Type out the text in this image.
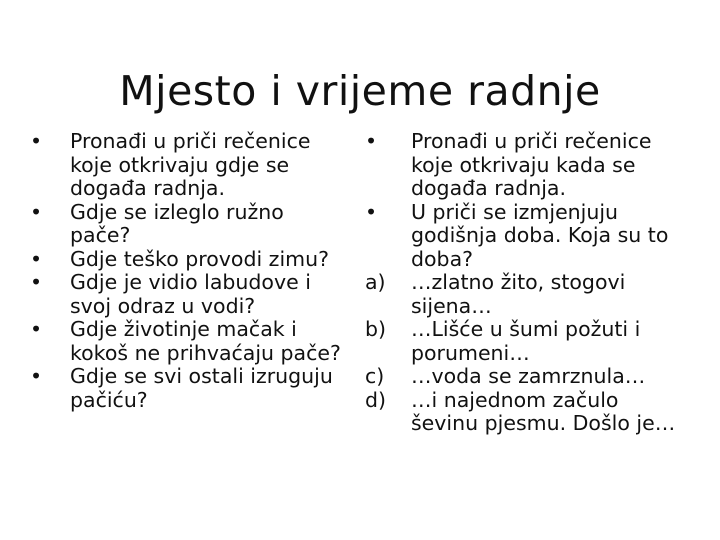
Mjesto i vrijeme radnje
•	Pronađi u priči rečenice koje otkrivaju gdje se događa radnja.
•	Gdje se izleglo ružno pače?
•	Gdje teško provodi zimu?
•	Gdje je vidio labudove i svoj odraz u vodi?
•	Gdje životinje mačak i kokoš ne prihvaćaju pače?
•	Gdje se svi ostali izruguju pačiću?
•	Pronađi u priči rečenice koje otkrivaju kada se događa radnja.
•	U priči se izmjenjuju godišnja doba. Koja su to doba?
a)	…zlatno žito, stogovi sijena…
b)	…Lišće u šumi požuti i porumeni…
c)	…voda se zamrznula…
d)	…i najednom začulo ševinu pjesmu. Došlo je…
